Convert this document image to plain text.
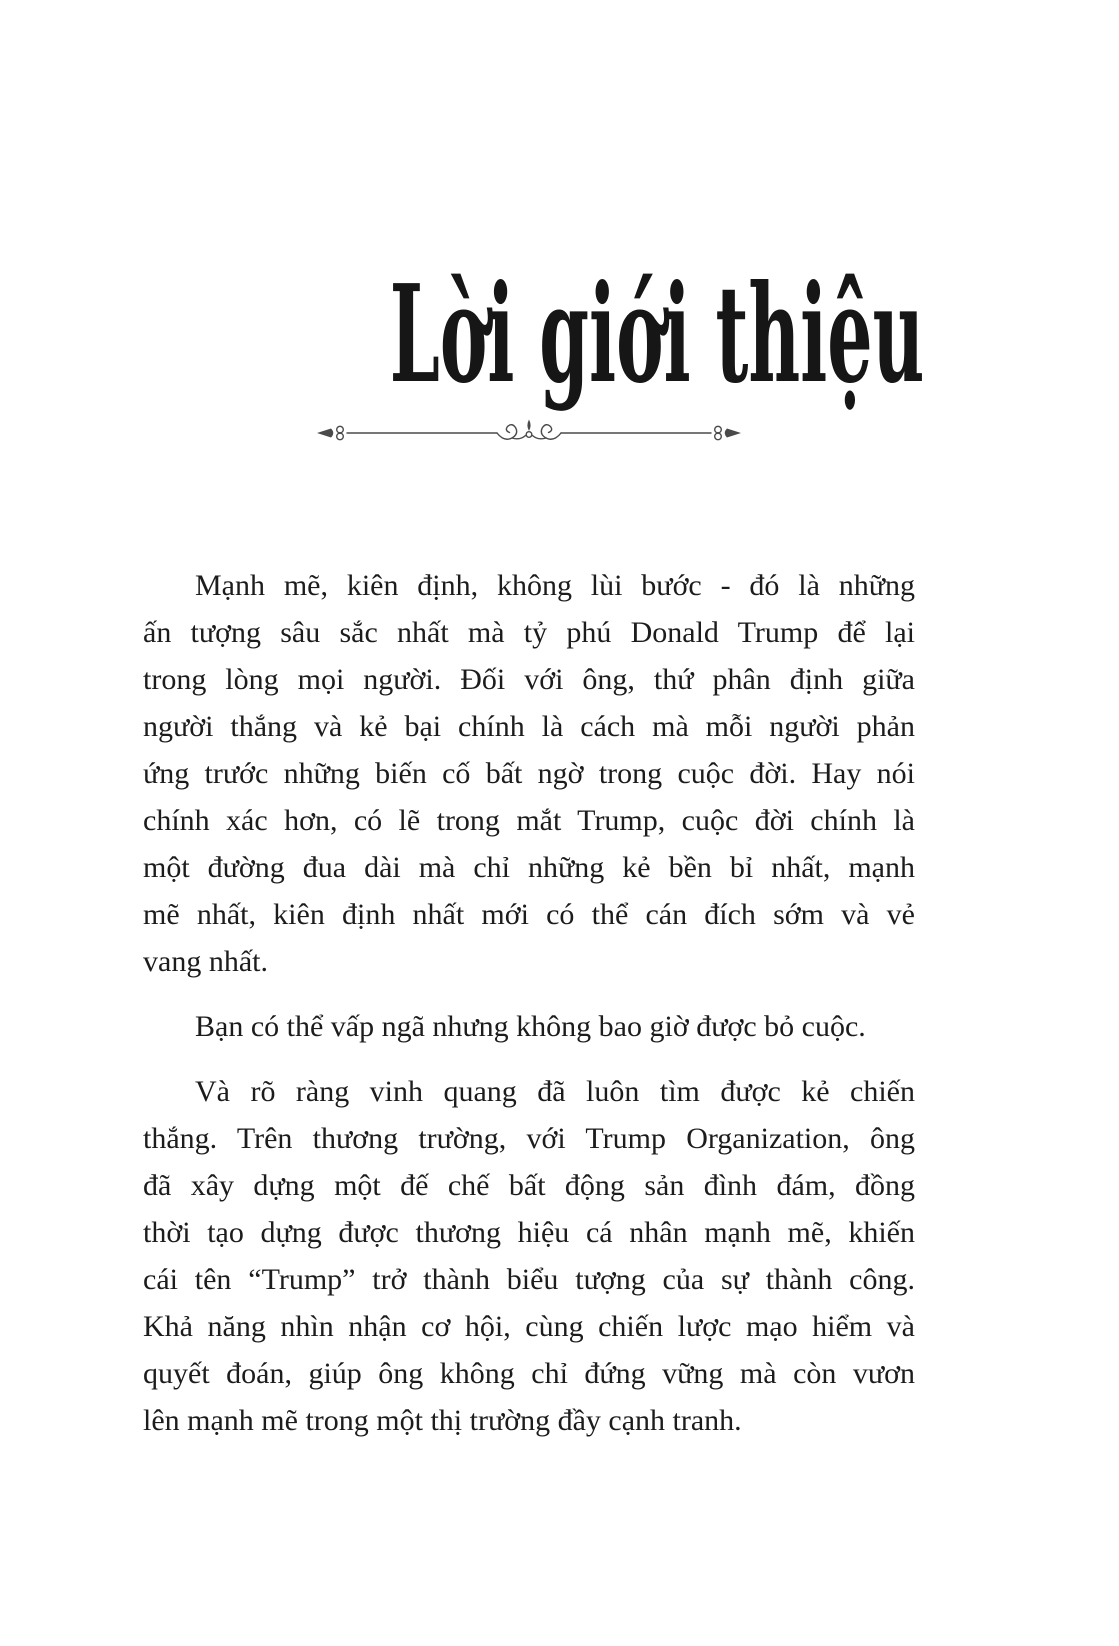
Lời giới thiệu
Mạnh mẽ, kiên định, không lùi bước - đó là những
ấn tượng sâu sắc nhất mà tỷ phú Donald Trump để lại
trong lòng mọi người. Đối với ông, thứ phân định giữa
người thắng và kẻ bại chính là cách mà mỗi người phản
ứng trước những biến cố bất ngờ trong cuộc đời. Hay nói
chính xác hơn, có lẽ trong mắt Trump, cuộc đời chính là
một đường đua dài mà chỉ những kẻ bền bỉ nhất, mạnh
mẽ nhất, kiên định nhất mới có thể cán đích sớm và vẻ
vang nhất.
Bạn có thể vấp ngã nhưng không bao giờ được bỏ cuộc.
Và rõ ràng vinh quang đã luôn tìm được kẻ chiến
thắng. Trên thương trường, với Trump Organization, ông
đã xây dựng một đế chế bất động sản đình đám, đồng
thời tạo dựng được thương hiệu cá nhân mạnh mẽ, khiến
cái tên “Trump” trở thành biểu tượng của sự thành công.
Khả năng nhìn nhận cơ hội, cùng chiến lược mạo hiểm và
quyết đoán, giúp ông không chỉ đứng vững mà còn vươn
lên mạnh mẽ trong một thị trường đầy cạnh tranh.
